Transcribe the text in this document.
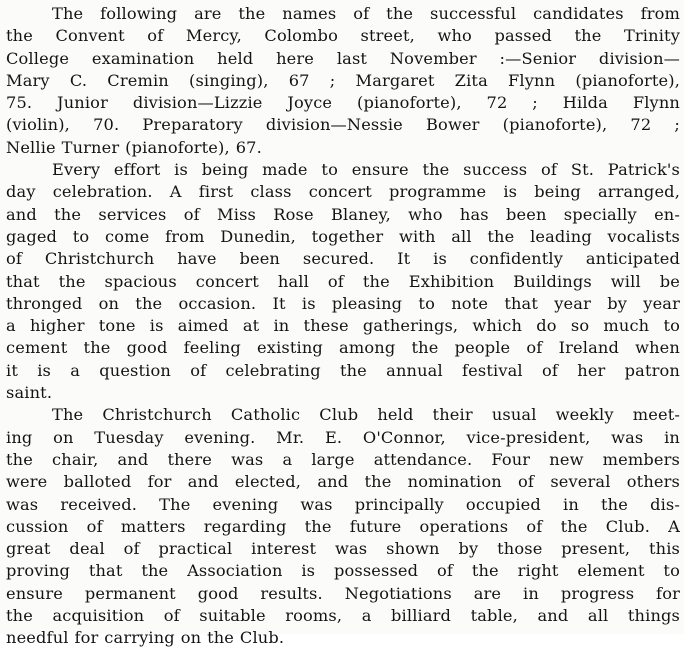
The following are the names of the successful candidates from
the Convent of Mercy, Colombo street, who passed the Trinity
College examination held here last November :—Senior division—
Mary C. Cremin (singing), 67 ; Margaret Zita Flynn (pianoforte),
75. Junior division—Lizzie Joyce (pianoforte), 72 ; Hilda Flynn
(violin), 70. Preparatory division—Nessie Bower (pianoforte), 72 ;
Nellie Turner (pianoforte), 67.
Every effort is being made to ensure the success of St. Patrick's
day celebration. A first class concert programme is being arranged,
and the services of Miss Rose Blaney, who has been specially en-
gaged to come from Dunedin, together with all the leading vocalists
of Christchurch have been secured. It is confidently anticipated
that the spacious concert hall of the Exhibition Buildings will be
thronged on the occasion. It is pleasing to note that year by year
a higher tone is aimed at in these gatherings, which do so much to
cement the good feeling existing among the people of Ireland when
it is a question of celebrating the annual festival of her patron
saint.
The Christchurch Catholic Club held their usual weekly meet-
ing on Tuesday evening. Mr. E. O'Connor, vice-president, was in
the chair, and there was a large attendance. Four new members
were balloted for and elected, and the nomination of several others
was received. The evening was principally occupied in the dis-
cussion of matters regarding the future operations of the Club. A
great deal of practical interest was shown by those present, this
proving that the Association is possessed of the right element to
ensure permanent good results. Negotiations are in progress for
the acquisition of suitable rooms, a billiard table, and all things
needful for carrying on the Club.
